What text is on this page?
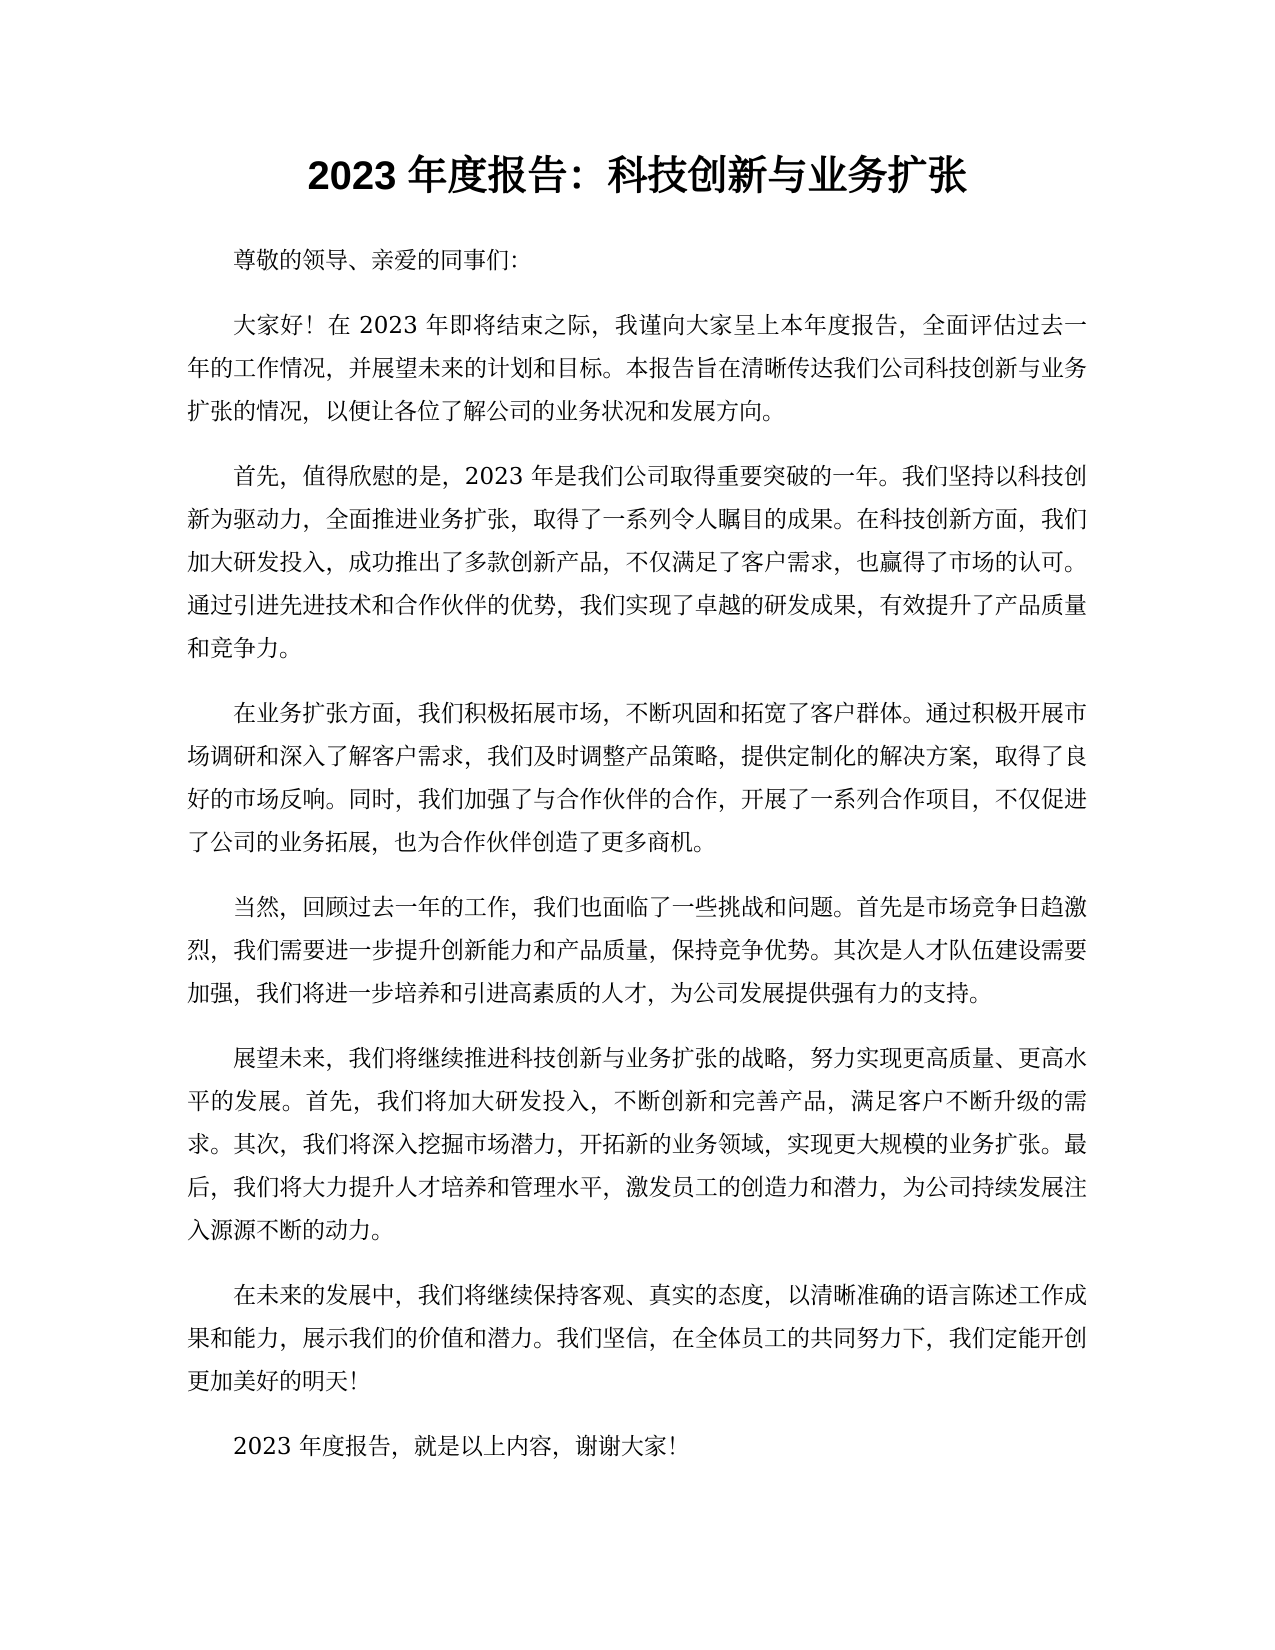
2023 年度报告：科技创新与业务扩张

尊敬的领导、亲爱的同事们：

大家好！在 2023 年即将结束之际，我谨向大家呈上本年度报告，全面评估过去一年的工作情况，并展望未来的计划和目标。本报告旨在清晰传达我们公司科技创新与业务扩张的情况，以便让各位了解公司的业务状况和发展方向。

首先，值得欣慰的是，2023 年是我们公司取得重要突破的一年。我们坚持以科技创新为驱动力，全面推进业务扩张，取得了一系列令人瞩目的成果。在科技创新方面，我们加大研发投入，成功推出了多款创新产品，不仅满足了客户需求，也赢得了市场的认可。通过引进先进技术和合作伙伴的优势，我们实现了卓越的研发成果，有效提升了产品质量和竞争力。

在业务扩张方面，我们积极拓展市场，不断巩固和拓宽了客户群体。通过积极开展市场调研和深入了解客户需求，我们及时调整产品策略，提供定制化的解决方案，取得了良好的市场反响。同时，我们加强了与合作伙伴的合作，开展了一系列合作项目，不仅促进了公司的业务拓展，也为合作伙伴创造了更多商机。

当然，回顾过去一年的工作，我们也面临了一些挑战和问题。首先是市场竞争日趋激烈，我们需要进一步提升创新能力和产品质量，保持竞争优势。其次是人才队伍建设需要加强，我们将进一步培养和引进高素质的人才，为公司发展提供强有力的支持。

展望未来，我们将继续推进科技创新与业务扩张的战略，努力实现更高质量、更高水平的发展。首先，我们将加大研发投入，不断创新和完善产品，满足客户不断升级的需求。其次，我们将深入挖掘市场潜力，开拓新的业务领域，实现更大规模的业务扩张。最后，我们将大力提升人才培养和管理水平，激发员工的创造力和潜力，为公司持续发展注入源源不断的动力。

在未来的发展中，我们将继续保持客观、真实的态度，以清晰准确的语言陈述工作成果和能力，展示我们的价值和潜力。我们坚信，在全体员工的共同努力下，我们定能开创更加美好的明天！

2023 年度报告，就是以上内容，谢谢大家！
